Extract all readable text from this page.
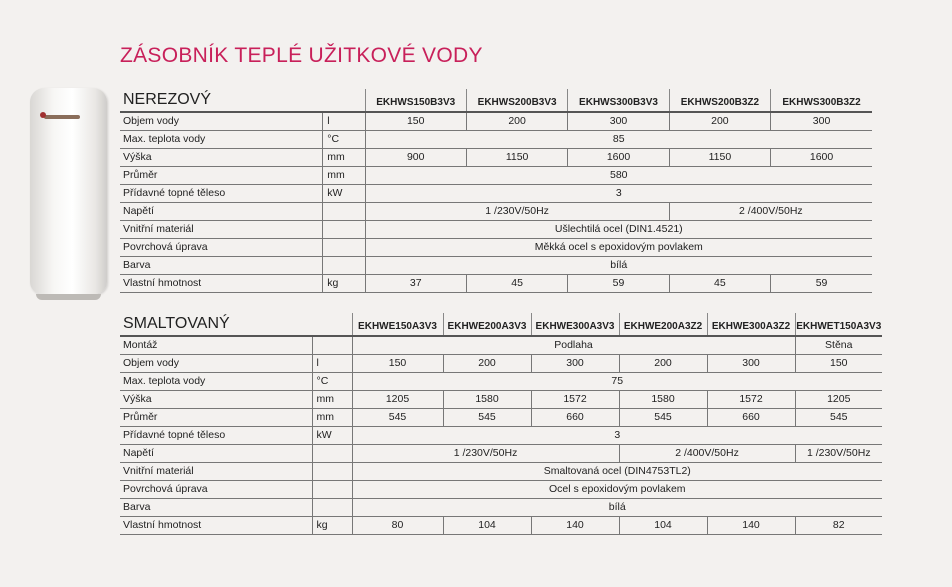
ZÁSOBNÍK TEPLÉ UŽITKOVÉ VODY
NEREZOVÝ		EKHWS150B3V3	EKHWS200B3V3	EKHWS300B3V3	EKHWS200B3Z2	EKHWS300B3Z2
Objem vody	l	150	200	300	200	300
Max. teplota vody	°C	85				
Výška	mm	900	1150	1600	1150	1600
Průměr	mm	580				
Přídavné topné těleso	kW	3				
Napětí		1 /230V/50Hz			2 /400V/50Hz	
Vnitřní materiál		Ušlechtilá ocel (DIN1.4521)				
Povrchová úprava		Měkká ocel s epoxidovým povlakem				
Barva		bílá				
Vlastní hmotnost	kg	37	45	59	45	59
SMALTOVANÝ		EKHWE150A3V3	EKHWE200A3V3	EKHWE300A3V3	EKHWE200A3Z2	EKHWE300A3Z2	EKHWET150A3V3
Montáž		Podlaha					Stěna
Objem vody	l	150	200	300	200	300	150
Max. teplota vody	°C	75					
Výška	mm	1205	1580	1572	1580	1572	1205
Průměr	mm	545	545	660	545	660	545
Přídavné topné těleso	kW	3					
Napětí		1 /230V/50Hz			2 /400V/50Hz		1 /230V/50Hz
Vnitřní materiál		Smaltovaná ocel (DIN4753TL2)					
Povrchová úprava		Ocel s epoxidovým povlakem					
Barva		bílá					
Vlastní hmotnost	kg	80	104	140	104	140	82
